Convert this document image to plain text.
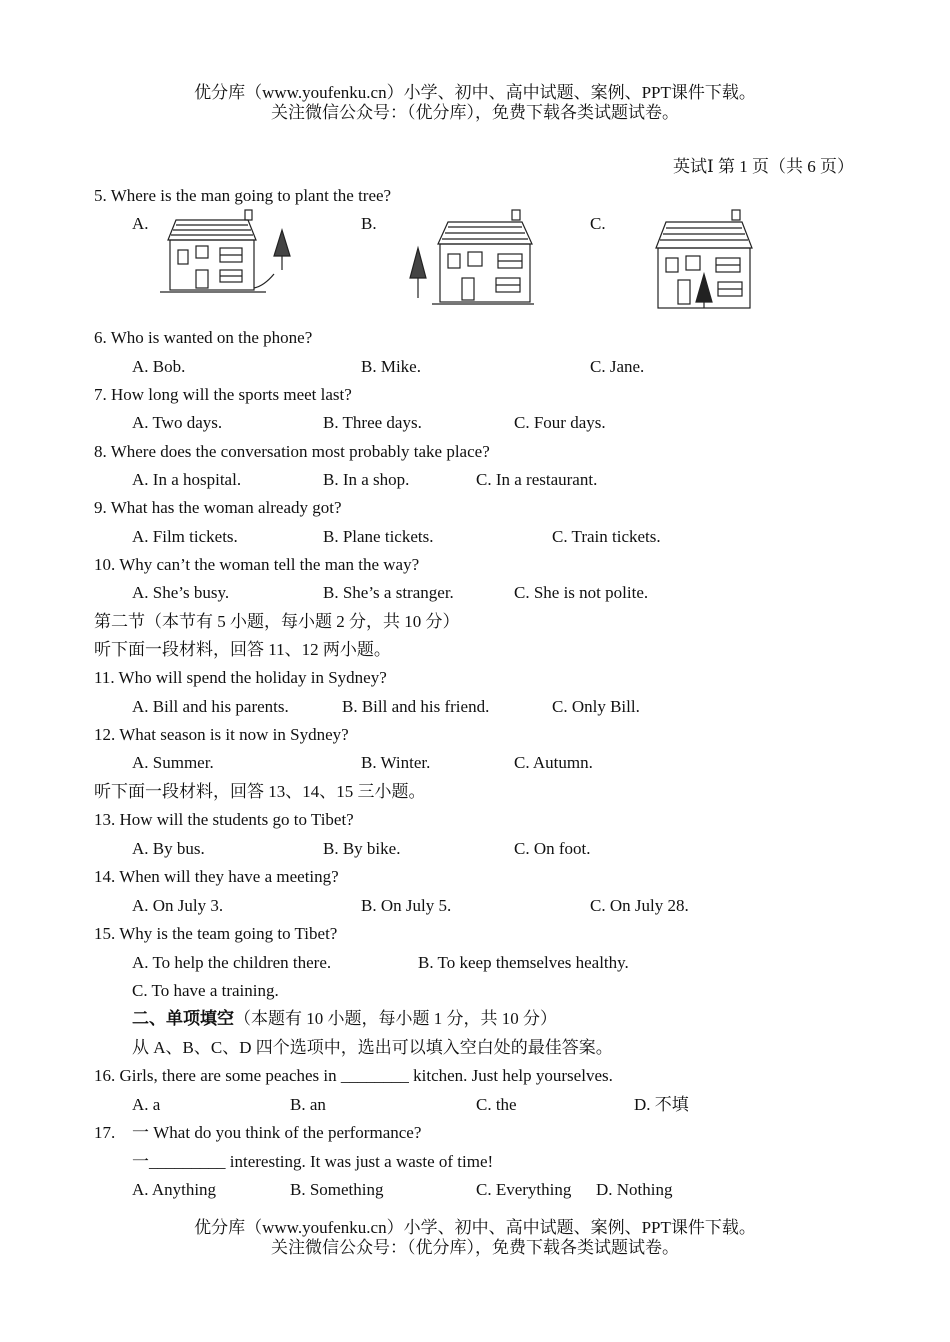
优分库（www.youfenku.cn）小学、初中、高中试题、案例、PPT课件下载。
关注微信公众号：（优分库），免费下载各类试题试卷。
英试Ⅰ 第 1 页（共 6 页）
5. Where is the man going to plant the tree?
A.	B.	C.
6. Who is wanted on the phone?
A. Bob.	B. Mike.	C. Jane.
7. How long will the sports meet last?
A. Two days.	B. Three days.	C. Four days.
8. Where does the conversation most probably take place?
A. In a hospital.	B. In a shop.	C. In a restaurant.
9. What has the woman already got?
A. Film tickets.	B. Plane tickets.	C. Train tickets.
10. Why can’t the woman tell the man the way?
A. She’s busy.	B. She’s a stranger.	C. She is not polite.
第二节（本节有 5 小题，每小题 2 分，共 10 分）
听下面一段材料，回答 11、12 两小题。
11. Who will spend the holiday in Sydney?
A. Bill and his parents.	B. Bill and his friend.	C. Only Bill.
12. What season is it now in Sydney?
A. Summer.	B. Winter.	C. Autumn.
听下面一段材料，回答 13、14、15 三小题。
13. How will the students go to Tibet?
A. By bus.	B. By bike.	C. On foot.
14. When will they have a meeting?
A. On July 3.	B. On July 5.	C. On July 28.
15. Why is the team going to Tibet?
A. To help the children there.	B. To keep themselves healthy.
C. To have a training.
二、单项填空（本题有 10 小题，每小题 1 分，共 10 分）
从 A、B、C、D 四个选项中，选出可以填入空白处的最佳答案。
16. Girls, there are some peaches in ________ kitchen. Just help yourselves.
A. a	B. an	C. the	D. 不填
17. 一 What do you think of the performance?
一_________ interesting. It was just a waste of time!
A. Anything	B. Something	C. Everything D. Nothing
优分库（www.youfenku.cn）小学、初中、高中试题、案例、PPT课件下载。
关注微信公众号：（优分库），免费下载各类试题试卷。
